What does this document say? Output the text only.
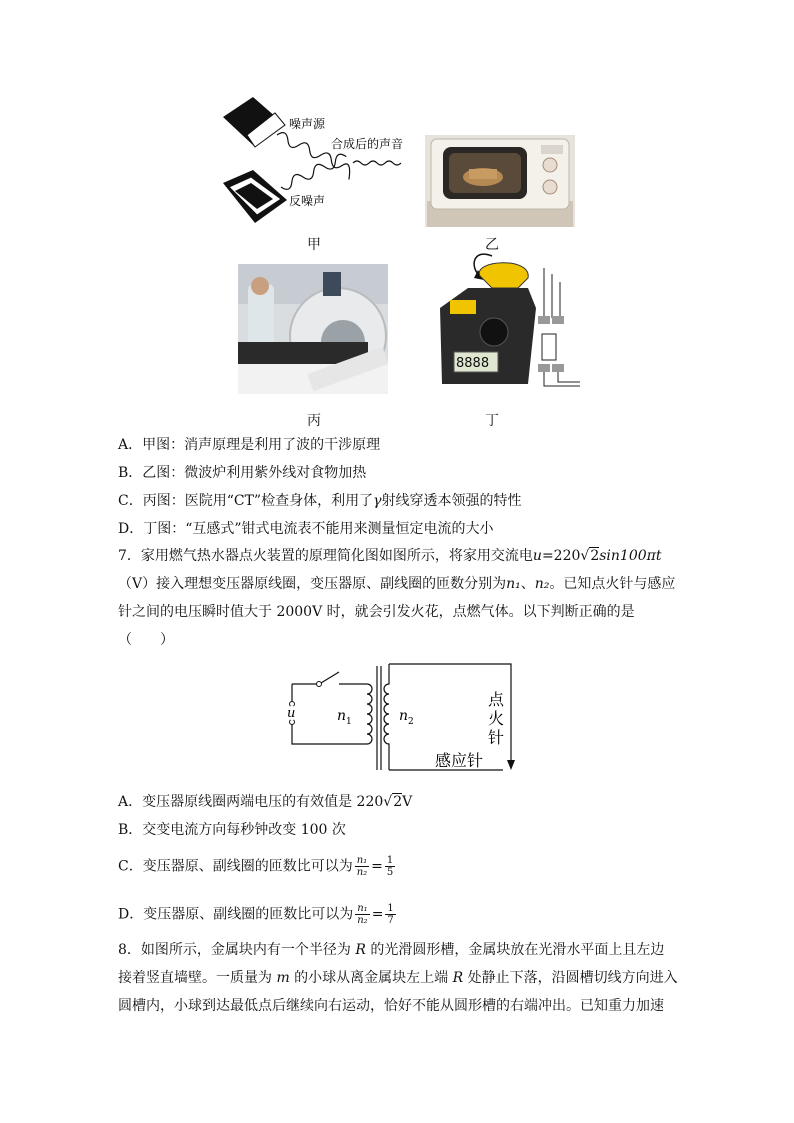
噪声源
合成后的声音
反噪声
甲	乙
丙
8888
丁
A．甲图：消声原理是利用了波的干涉原理
B．乙图：微波炉利用紫外线对食物加热
C．丙图：医院用“CT”检查身体，利用了γ射线穿透本领强的特性
D．丁图：“互感式”钳式电流表不能用来测量恒定电流的大小
7．家用燃气热水器点火装置的原理简化图如图所示，将家用交流电u=220√2sin100πt（V）接入理想变压器原线圈，变压器原、副线圈的匝数分别为n₁、n₂。已知点火针与感应针之间的电压瞬时值大于 2000V 时，就会引发火花，点燃气体。以下判断正确的是
（　　）
u	n 1	n 2
点
火
针
感应针
A．变压器原线圈两端电压的有效值是 220√2V
B．交变电流方向每秒钟改变 100 次
C．变压器原、副线圈的匝数比可以为 $\frac{\text{n₁}}{\text{n₂}} = \frac{1}{5}$
D．变压器原、副线圈的匝数比可以为 $\frac{\text{n₁}}{\text{n₂}} = \frac{1}{7}$
8．如图所示，金属块内有一个半径为 R 的光滑圆形槽，金属块放在光滑水平面上且左边
接着竖直墙壁。一质量为 m 的小球从离金属块左上端 R 处静止下落，沿圆槽切线方向进入
圆槽内，小球到达最低点后继续向右运动，恰好不能从圆形槽的右端冲出。已知重力加速
